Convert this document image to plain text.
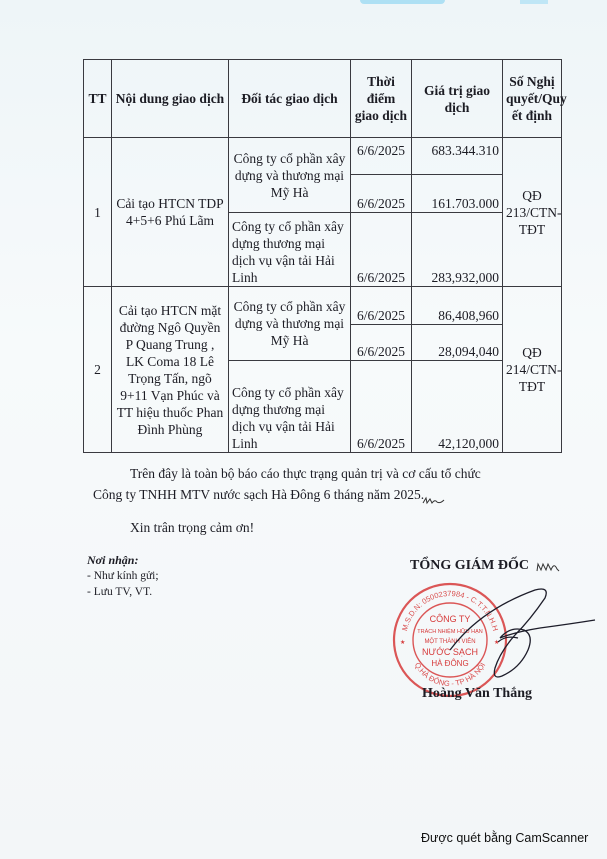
TT	Nội dung giao dịch	Đối tác giao dịch	Thời điểm giao dịch	Giá trị giao dịch	Số Nghị quyết/Quy ết định
1	Cải tạo HTCN TDP 4+5+6 Phú Lãm	Công ty cổ phần xây dựng và thương mại Mỹ Hà	6/6/2025	683.344.310	QĐ 213/CTN-TĐT
			6/6/2025	161.703.000	
		Công ty cổ phần xây dựng thương mại dịch vụ vận tải Hải Linh	6/6/2025	283,932,000	
2	Cải tạo HTCN mặt đường Ngô Quyền P Quang Trung , LK Coma 18 Lê Trọng Tấn, ngõ 9+11 Vạn Phúc và TT hiệu thuốc Phan Đình Phùng	Công ty cổ phần xây dựng và thương mại Mỹ Hà	6/6/2025	86,408,960	QĐ 214/CTN-TĐT
			6/6/2025	28,094,040	
		Công ty cổ phần xây dựng thương mại dịch vụ vận tải Hải Linh	6/6/2025	42,120,000	
Trên đây là toàn bộ báo cáo thực trạng quản trị và cơ cấu tổ chức
Công ty TNHH MTV nước sạch Hà Đông 6 tháng năm 2025.
Xin trân trọng cảm ơn!
Nơi nhận:
- Như kính gửi;
- Lưu TV, VT.
TỔNG GIÁM ĐỐC
M.S.D.N: 0500237984 - C.T.T.N.H.H
Q.HÀ ĐÔNG - TP HÀ NỘI
CÔNG TY
TRÁCH NHIỆM HỮU HẠN
MỘT THÀNH VIÊN
NƯỚC SẠCH
HÀ ĐÔNG
★	★
Hoàng Văn Thắng
Được quét bằng CamScanner
